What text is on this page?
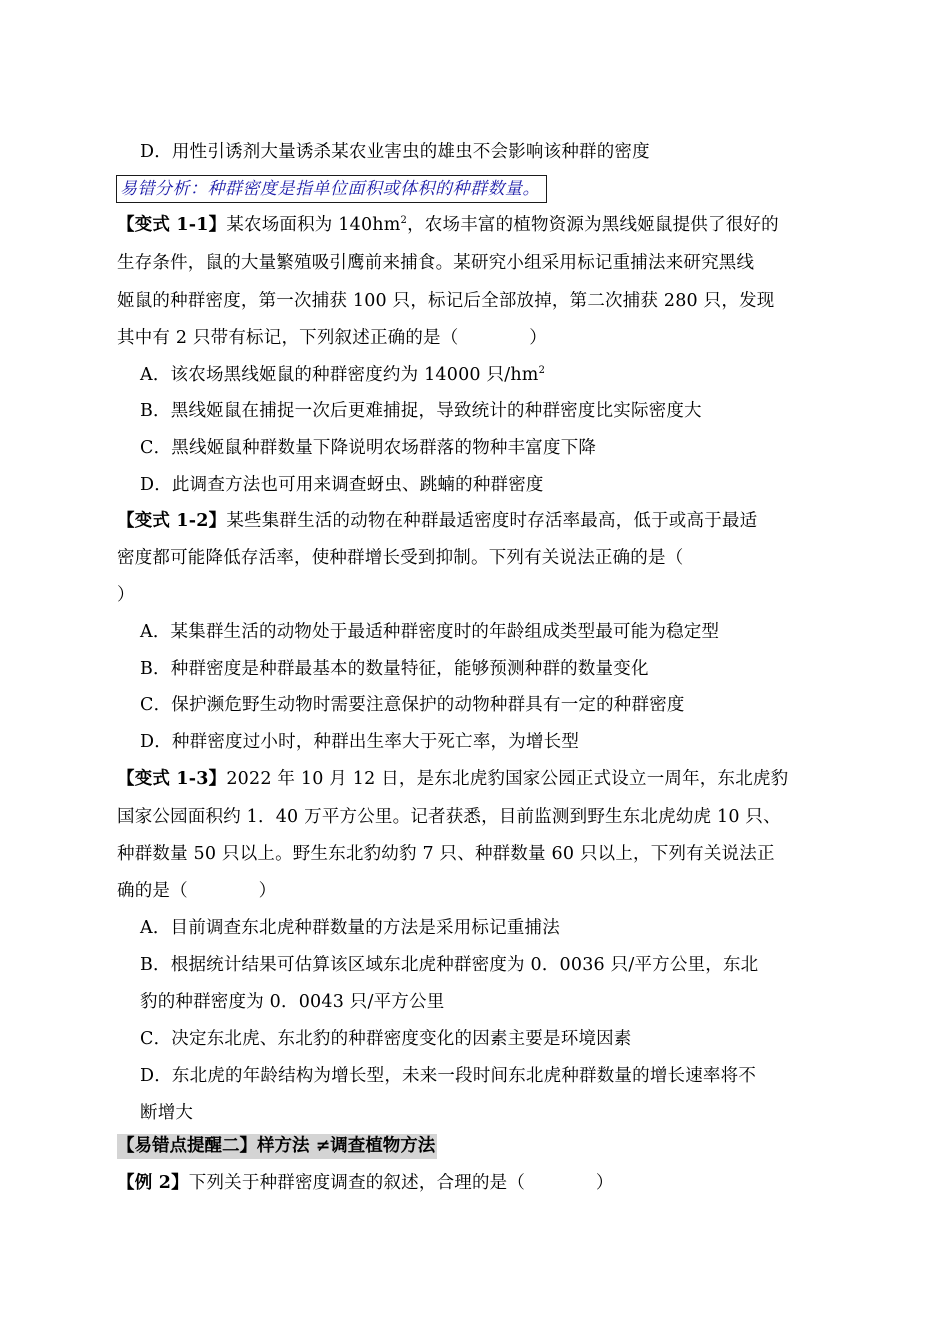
D．用性引诱剂大量诱杀某农业害虫的雄虫不会影响该种群的密度
易错分析：种群密度是指单位面积或体积的种群数量。
【变式 1-1】某农场面积为 $140hm^2$，农场丰富的植物资源为黑线姬鼠提供了很好的
生存条件，鼠的大量繁殖吸引鹰前来捕食。某研究小组采用标记重捕法来研究黑线
姬鼠的种群密度，第一次捕获 100 只，标记后全部放掉，第二次捕获 280 只，发现
其中有 2 只带有标记，下列叙述正确的是（　　　　）
A．该农场黑线姬鼠的种群密度约为 14000 只$/hm^2$
B．黑线姬鼠在捕捉一次后更难捕捉，导致统计的种群密度比实际密度大
C．黑线姬鼠种群数量下降说明农场群落的物种丰富度下降
D．此调查方法也可用来调查蚜虫、跳蝻的种群密度
【变式 1-2】某些集群生活的动物在种群最适密度时存活率最高，低于或高于最适
密度都可能降低存活率，使种群增长受到抑制。下列有关说法正确的是（
）
A．某集群生活的动物处于最适种群密度时的年龄组成类型最可能为稳定型
B．种群密度是种群最基本的数量特征，能够预测种群的数量变化
C．保护濒危野生动物时需要注意保护的动物种群具有一定的种群密度
D．种群密度过小时，种群出生率大于死亡率，为增长型
【变式 1-3】2022 年 10 月 12 日，是东北虎豹国家公园正式设立一周年，东北虎豹
国家公园面积约 1．40 万平方公里。记者获悉，目前监测到野生东北虎幼虎 10 只、
种群数量 50 只以上。野生东北豹幼豹 7 只、种群数量 60 只以上，下列有关说法正
确的是（　　　　）
A．目前调查东北虎种群数量的方法是采用标记重捕法
B．根据统计结果可估算该区域东北虎种群密度为 0．0036 只/平方公里，东北
豹的种群密度为 0．0043 只/平方公里
C．决定东北虎、东北豹的种群密度变化的因素主要是环境因素
D．东北虎的年龄结构为增长型，未来一段时间东北虎种群数量的增长速率将不
断增大
【易错点提醒二】样方法 ≠调查植物方法
【例 2】下列关于种群密度调查的叙述，合理的是（　　　　）
